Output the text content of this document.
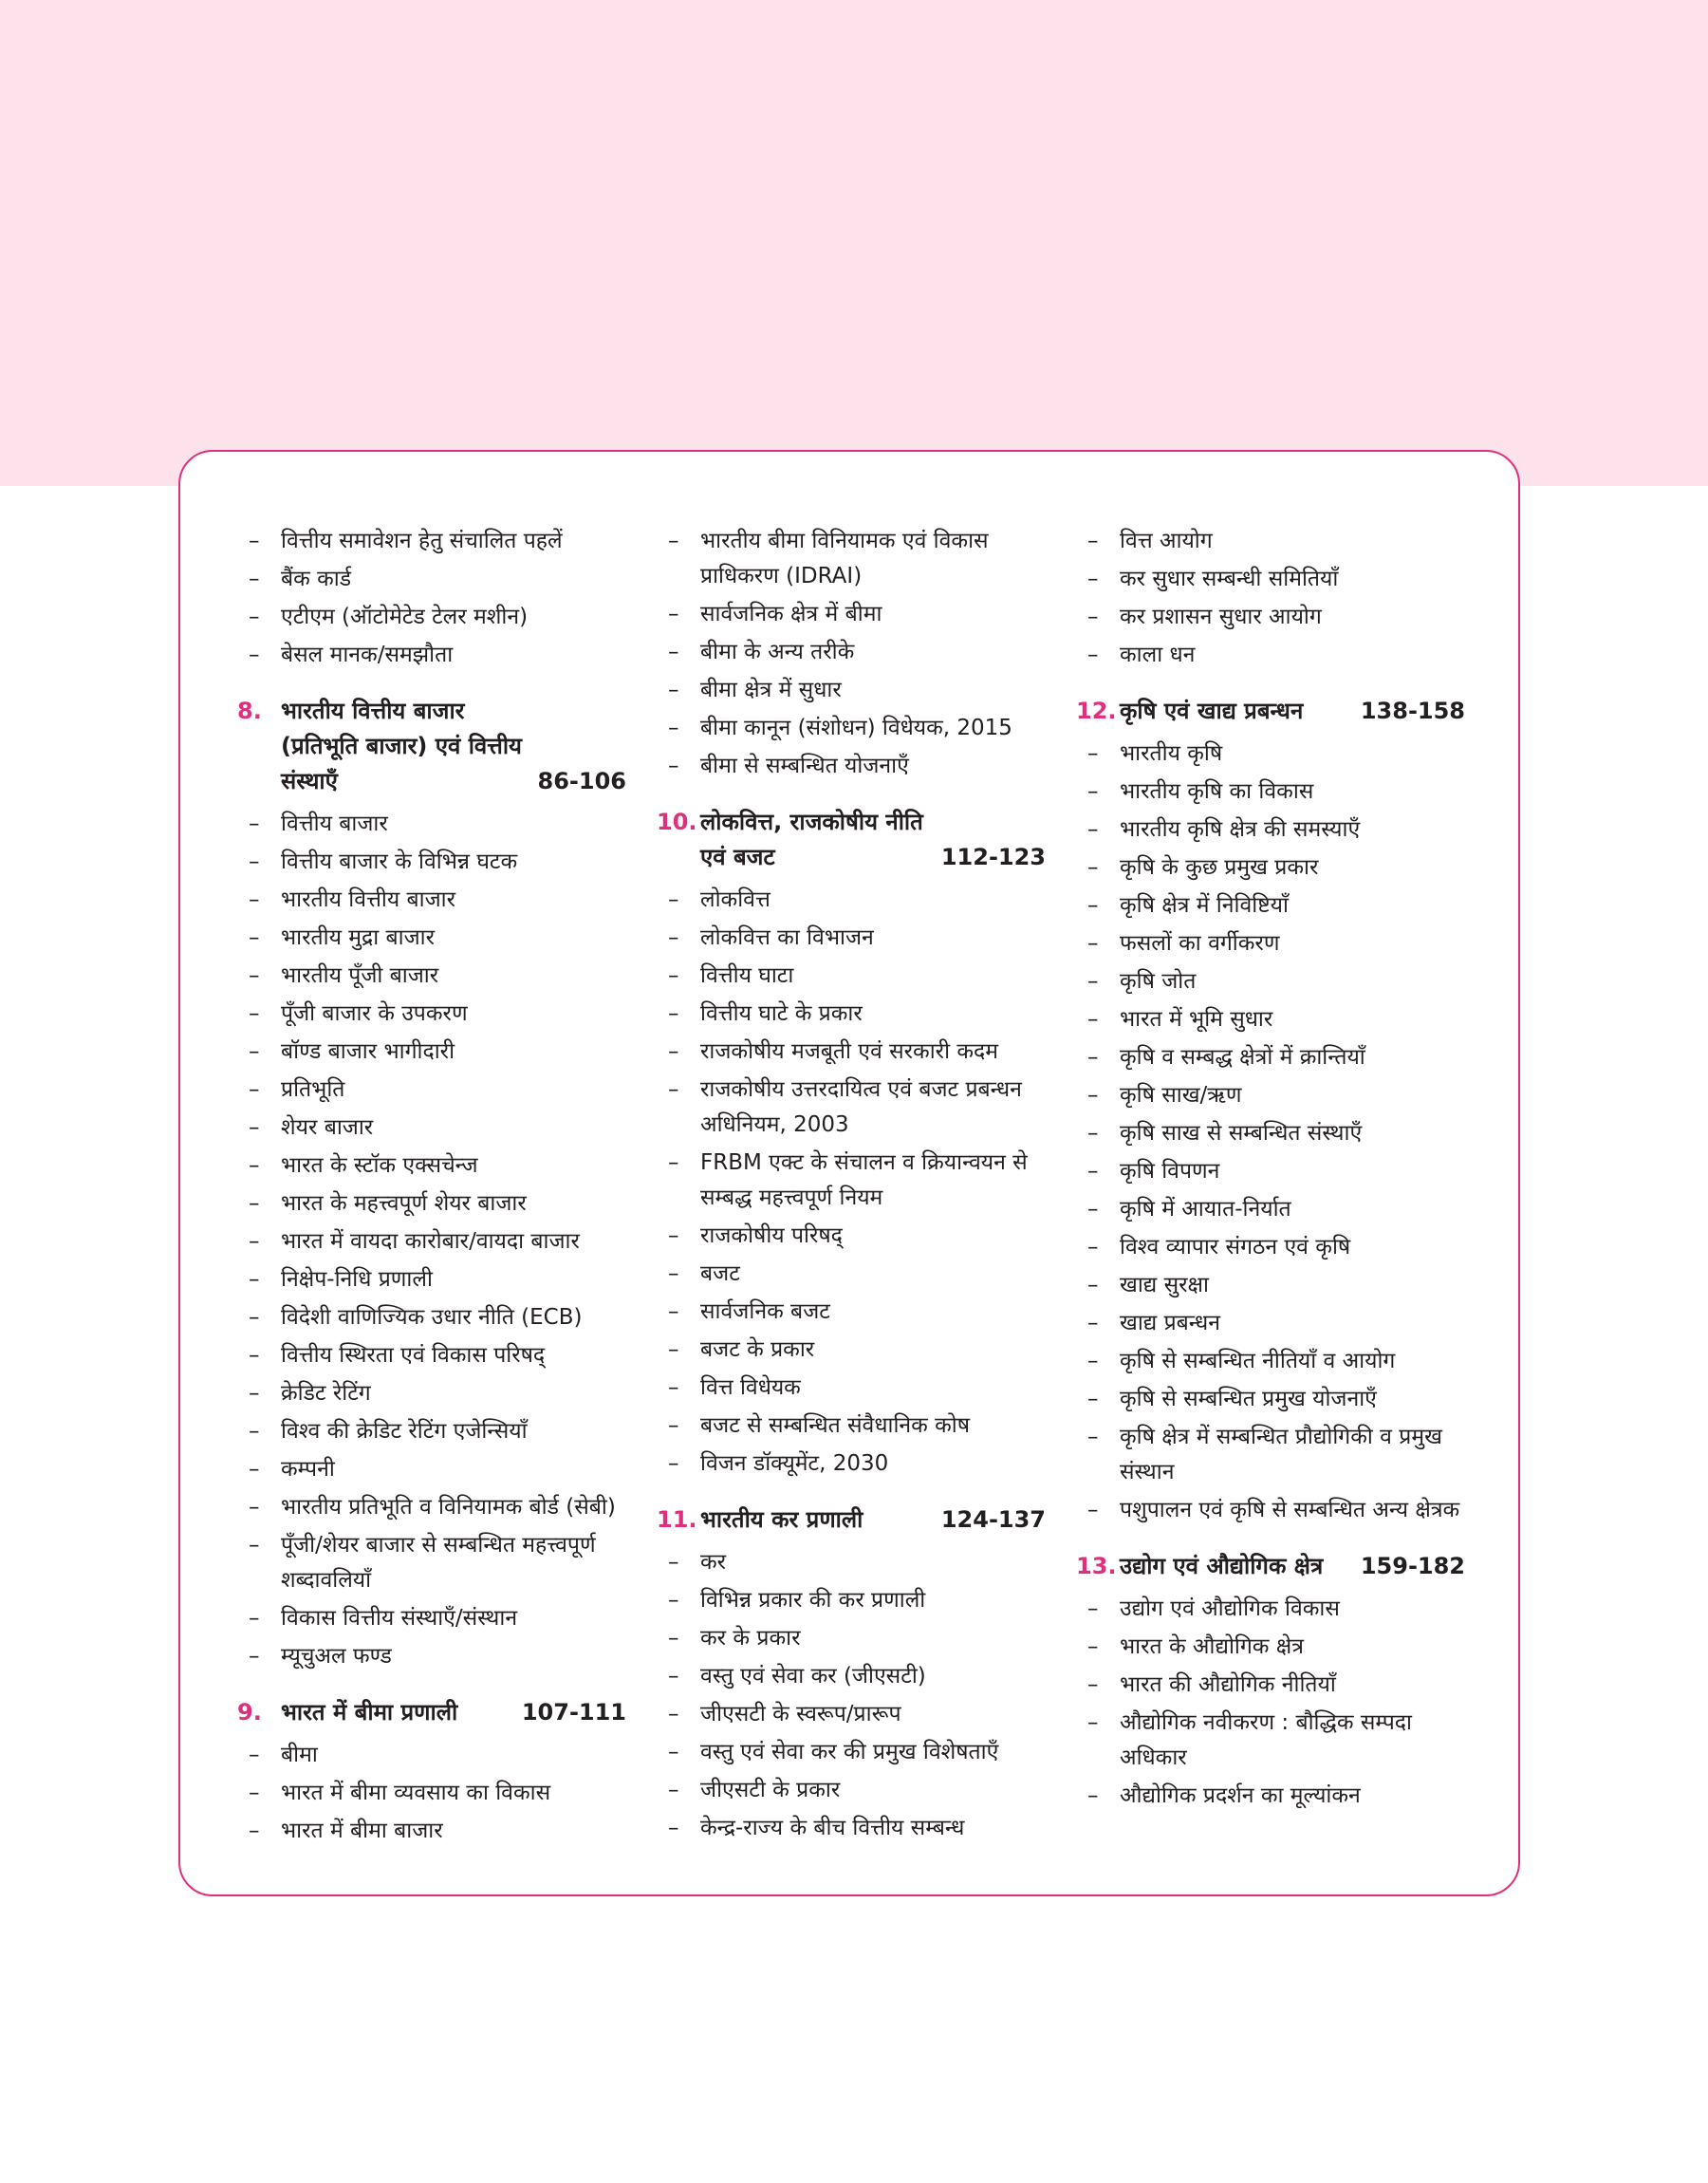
– वित्तीय समावेशन हेतु संचालित पहलें
– बैंक कार्ड
– एटीएम (ऑटोमेटेड टेलर मशीन)
– बेसल मानक/समझौता
8. भारतीय वित्तीय बाजार (प्रतिभूति बाजार) एवं वित्तीय संस्थाएँ	86-106
– वित्तीय बाजार
– वित्तीय बाजार के विभिन्न घटक
– भारतीय वित्तीय बाजार
– भारतीय मुद्रा बाजार
– भारतीय पूँजी बाजार
– पूँजी बाजार के उपकरण
– बॉण्ड बाजार भागीदारी
– प्रतिभूति
– शेयर बाजार
– भारत के स्टॉक एक्सचेन्ज
– भारत के महत्त्वपूर्ण शेयर बाजार
– भारत में वायदा कारोबार/वायदा बाजार
– निक्षेप-निधि प्रणाली
– विदेशी वाणिज्यिक उधार नीति (ECB)
– वित्तीय स्थिरता एवं विकास परिषद्
– क्रेडिट रेटिंग
– विश्व की क्रेडिट रेटिंग एजेन्सियाँ
– कम्पनी
– भारतीय प्रतिभूति व विनियामक बोर्ड (सेबी)
– पूँजी/शेयर बाजार से सम्बन्धित महत्त्वपूर्ण शब्दावलियाँ
– विकास वित्तीय संस्थाएँ/संस्थान
– म्यूचुअल फण्ड
9. भारत में बीमा प्रणाली	107-111
– बीमा
– भारत में बीमा व्यवसाय का विकास
– भारत में बीमा बाजार
– भारतीय बीमा विनियामक एवं विकास प्राधिकरण (IDRAI)
– सार्वजनिक क्षेत्र में बीमा
– बीमा के अन्य तरीके
– बीमा क्षेत्र में सुधार
– बीमा कानून (संशोधन) विधेयक, 2015
– बीमा से सम्बन्धित योजनाएँ
10. लोकवित्त, राजकोषीय नीति एवं बजट	112-123
– लोकवित्त
– लोकवित्त का विभाजन
– वित्तीय घाटा
– वित्तीय घाटे के प्रकार
– राजकोषीय मजबूती एवं सरकारी कदम
– राजकोषीय उत्तरदायित्व एवं बजट प्रबन्धन अधिनियम, 2003
– FRBM एक्ट के संचालन व क्रियान्वयन से सम्बद्ध महत्त्वपूर्ण नियम
– राजकोषीय परिषद्
– बजट
– सार्वजनिक बजट
– बजट के प्रकार
– वित्त विधेयक
– बजट से सम्बन्धित संवैधानिक कोष
– विजन डॉक्यूमेंट, 2030
11. भारतीय कर प्रणाली	124-137
– कर
– विभिन्न प्रकार की कर प्रणाली
– कर के प्रकार
– वस्तु एवं सेवा कर (जीएसटी)
– जीएसटी के स्वरूप/प्रारूप
– वस्तु एवं सेवा कर की प्रमुख विशेषताएँ
– जीएसटी के प्रकार
– केन्द्र-राज्य के बीच वित्तीय सम्बन्ध
– वित्त आयोग
– कर सुधार सम्बन्धी समितियाँ
– कर प्रशासन सुधार आयोग
– काला धन
12. कृषि एवं खाद्य प्रबन्धन	138-158
– भारतीय कृषि
– भारतीय कृषि का विकास
– भारतीय कृषि क्षेत्र की समस्याएँ
– कृषि के कुछ प्रमुख प्रकार
– कृषि क्षेत्र में निविष्टियाँ
– फसलों का वर्गीकरण
– कृषि जोत
– भारत में भूमि सुधार
– कृषि व सम्बद्ध क्षेत्रों में क्रान्तियाँ
– कृषि साख/ऋण
– कृषि साख से सम्बन्धित संस्थाएँ
– कृषि विपणन
– कृषि में आयात-निर्यात
– विश्व व्यापार संगठन एवं कृषि
– खाद्य सुरक्षा
– खाद्य प्रबन्धन
– कृषि से सम्बन्धित नीतियाँ व आयोग
– कृषि से सम्बन्धित प्रमुख योजनाएँ
– कृषि क्षेत्र में सम्बन्धित प्रौद्योगिकी व प्रमुख संस्थान
– पशुपालन एवं कृषि से सम्बन्धित अन्य क्षेत्रक
13. उद्योग एवं औद्योगिक क्षेत्र	159-182
– उद्योग एवं औद्योगिक विकास
– भारत के औद्योगिक क्षेत्र
– भारत की औद्योगिक नीतियाँ
– औद्योगिक नवीकरण : बौद्धिक सम्पदा अधिकार
– औद्योगिक प्रदर्शन का मूल्यांकन
